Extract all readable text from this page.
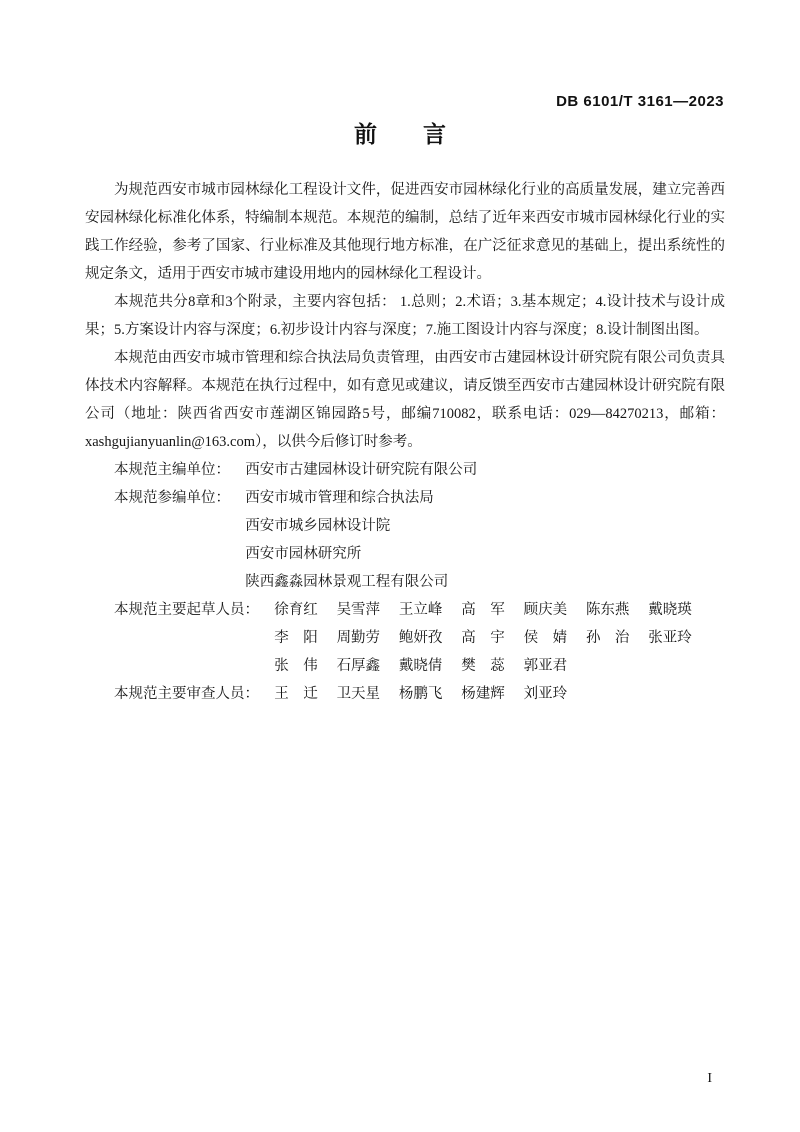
DB 6101/T 3161—2023
前　　言

为规范西安市城市园林绿化工程设计文件，促进西安市园林绿化行业的高质量发展，建立完善西安园林绿化标准化体系，特编制本规范。本规范的编制，总结了近年来西安市城市园林绿化行业的实践工作经验，参考了国家、行业标准及其他现行地方标准，在广泛征求意见的基础上，提出系统性的规定条文，适用于西安市城市建设用地内的园林绿化工程设计。

本规范共分8章和3个附录，主要内容包括： 1.总则；2.术语；3.基本规定；4.设计技术与设计成果；5.方案设计内容与深度；6.初步设计内容与深度；7.施工图设计内容与深度；8.设计制图出图。

本规范由西安市城市管理和综合执法局负责管理，由西安市古建园林设计研究院有限公司负责具体技术内容解释。本规范在执行过程中，如有意见或建议，请反馈至西安市古建园林设计研究院有限公司（地址：陕西省西安市莲湖区锦园路5号，邮编710082，联系电话：029—84270213，邮箱：xashgujianyuanlin@163.com），以供今后修订时参考。

本规范主编单位： 西安市古建园林设计研究院有限公司
本规范参编单位： 西安市城市管理和综合执法局
西安市城乡园林设计院
西安市园林研究所
陕西鑫淼园林景观工程有限公司
本规范主要起草人员： 徐育红 吴雪萍 王立峰 高　军 顾庆美 陈东燕 戴晓瑛
李　阳 周勤劳 鲍妍孜 高　宇 侯　婧 孙　治 张亚玲
张　伟 石厚鑫 戴晓倩 樊　蕊 郭亚君
本规范主要审查人员： 王　迁 卫天星 杨鹏飞 杨建辉 刘亚玲
I
